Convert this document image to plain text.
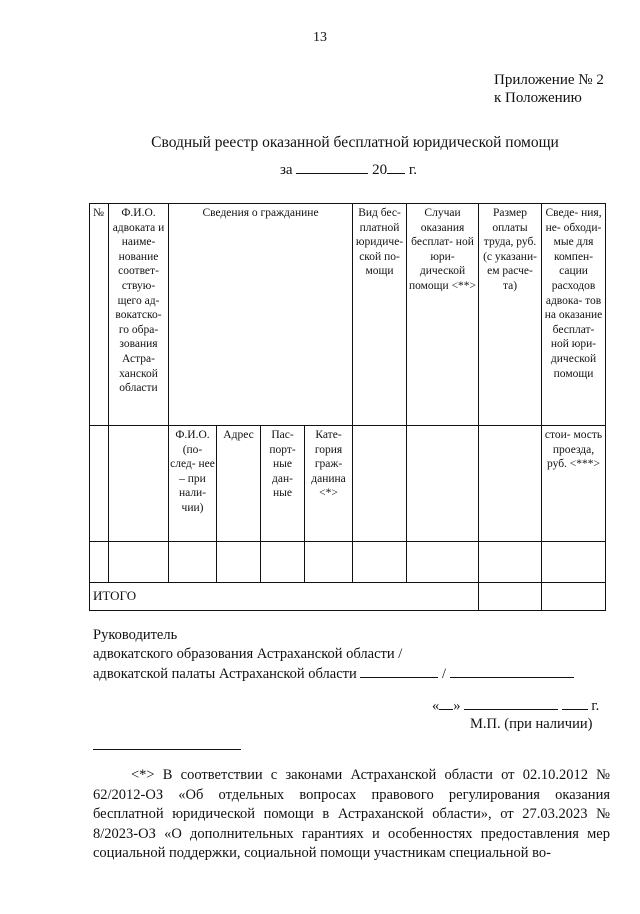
13
Приложение № 2
к Положению
Сводный реестр оказанной бесплатной юридической помощи
за	20 г.
№	Ф.И.О. адвоката и наиме- нование соответ- ствую- щего ад- вокатско- го обра- зования Астра- ханской области	Сведения о гражданине				Вид бес- платной юридиче- ской по- мощи	Случаи оказания бесплат- ной юри- дической помощи <**>	Размер оплаты труда, руб. (с указани- ем расче- та)	Сведе- ния, не- обходи- мые для компен- сации расходов адвока- тов на оказание бесплат- ной юри- дической помощи
		Ф.И.О. (по- след- нее – при нали- чии)	Адрес	Пас- порт- ные дан- ные	Кате- гория граж- данина <*>				стои- мость проезда, руб. <***>

ИТОГО									
Руководитель
адвокатского образования Астраханской области /
адвокатской палаты Астраханской области	/
« »	г.
М.П. (при наличии)
<*> В соответствии с законами Астраханской области от 02.10.2012 № 62/2012-ОЗ «Об отдельных вопросах правового регулирования оказания бесплатной юридической помощи в Астраханской области», от 27.03.2023 № 8/2023-ОЗ «О дополнительных гарантиях и особенностях предоставления мер социальной поддержки, социальной помощи участникам специальной во-
